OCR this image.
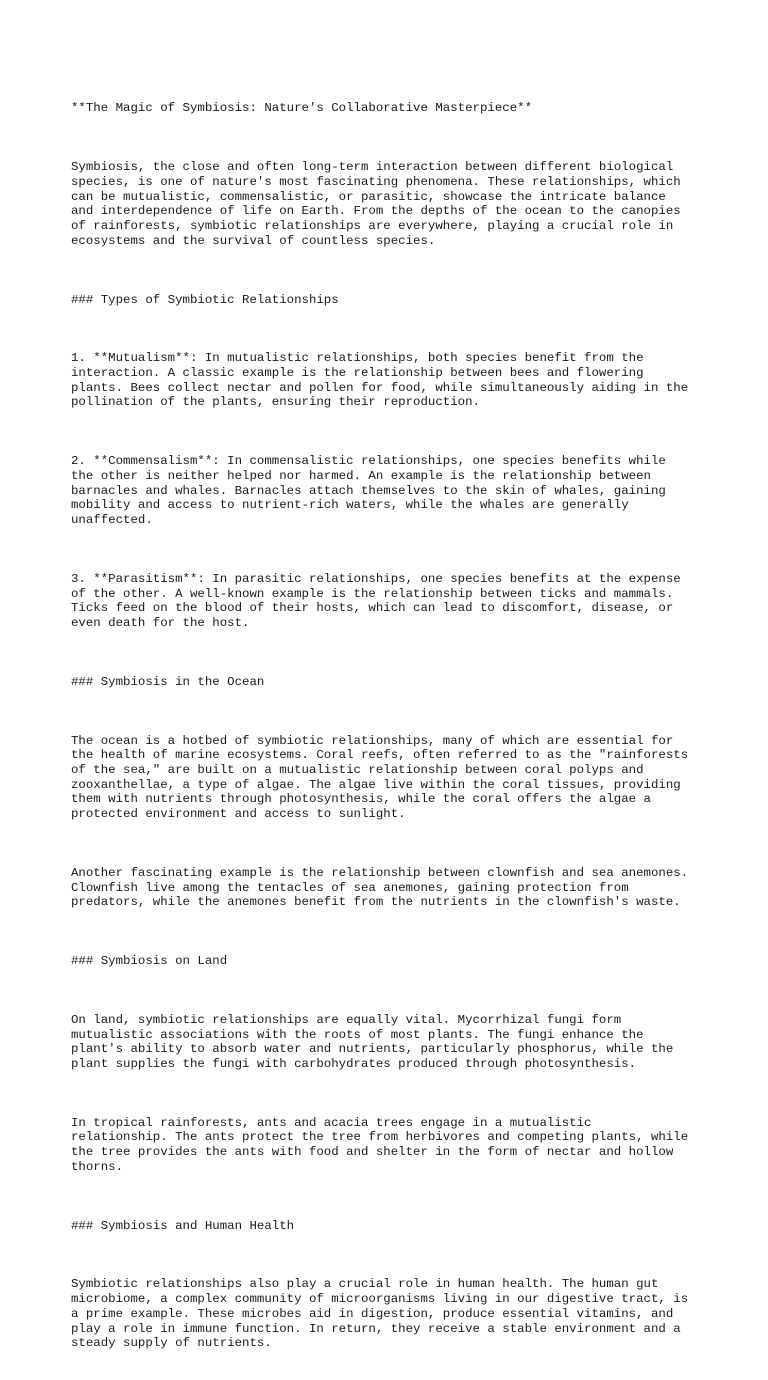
**The Magic of Symbiosis: Nature's Collaborative Masterpiece**

Symbiosis, the close and often long-term interaction between different biological
species, is one of nature's most fascinating phenomena. These relationships, which
can be mutualistic, commensalistic, or parasitic, showcase the intricate balance
and interdependence of life on Earth. From the depths of the ocean to the canopies
of rainforests, symbiotic relationships are everywhere, playing a crucial role in
ecosystems and the survival of countless species.

### Types of Symbiotic Relationships

1. **Mutualism**: In mutualistic relationships, both species benefit from the
interaction. A classic example is the relationship between bees and flowering
plants. Bees collect nectar and pollen for food, while simultaneously aiding in the
pollination of the plants, ensuring their reproduction.

2. **Commensalism**: In commensalistic relationships, one species benefits while
the other is neither helped nor harmed. An example is the relationship between
barnacles and whales. Barnacles attach themselves to the skin of whales, gaining
mobility and access to nutrient-rich waters, while the whales are generally
unaffected.

3. **Parasitism**: In parasitic relationships, one species benefits at the expense
of the other. A well-known example is the relationship between ticks and mammals.
Ticks feed on the blood of their hosts, which can lead to discomfort, disease, or
even death for the host.

### Symbiosis in the Ocean

The ocean is a hotbed of symbiotic relationships, many of which are essential for
the health of marine ecosystems. Coral reefs, often referred to as the "rainforests
of the sea," are built on a mutualistic relationship between coral polyps and
zooxanthellae, a type of algae. The algae live within the coral tissues, providing
them with nutrients through photosynthesis, while the coral offers the algae a
protected environment and access to sunlight.

Another fascinating example is the relationship between clownfish and sea anemones.
Clownfish live among the tentacles of sea anemones, gaining protection from
predators, while the anemones benefit from the nutrients in the clownfish's waste.

### Symbiosis on Land

On land, symbiotic relationships are equally vital. Mycorrhizal fungi form
mutualistic associations with the roots of most plants. The fungi enhance the
plant's ability to absorb water and nutrients, particularly phosphorus, while the
plant supplies the fungi with carbohydrates produced through photosynthesis.

In tropical rainforests, ants and acacia trees engage in a mutualistic
relationship. The ants protect the tree from herbivores and competing plants, while
the tree provides the ants with food and shelter in the form of nectar and hollow
thorns.

### Symbiosis and Human Health

Symbiotic relationships also play a crucial role in human health. The human gut
microbiome, a complex community of microorganisms living in our digestive tract, is
a prime example. These microbes aid in digestion, produce essential vitamins, and
play a role in immune function. In return, they receive a stable environment and a
steady supply of nutrients.
